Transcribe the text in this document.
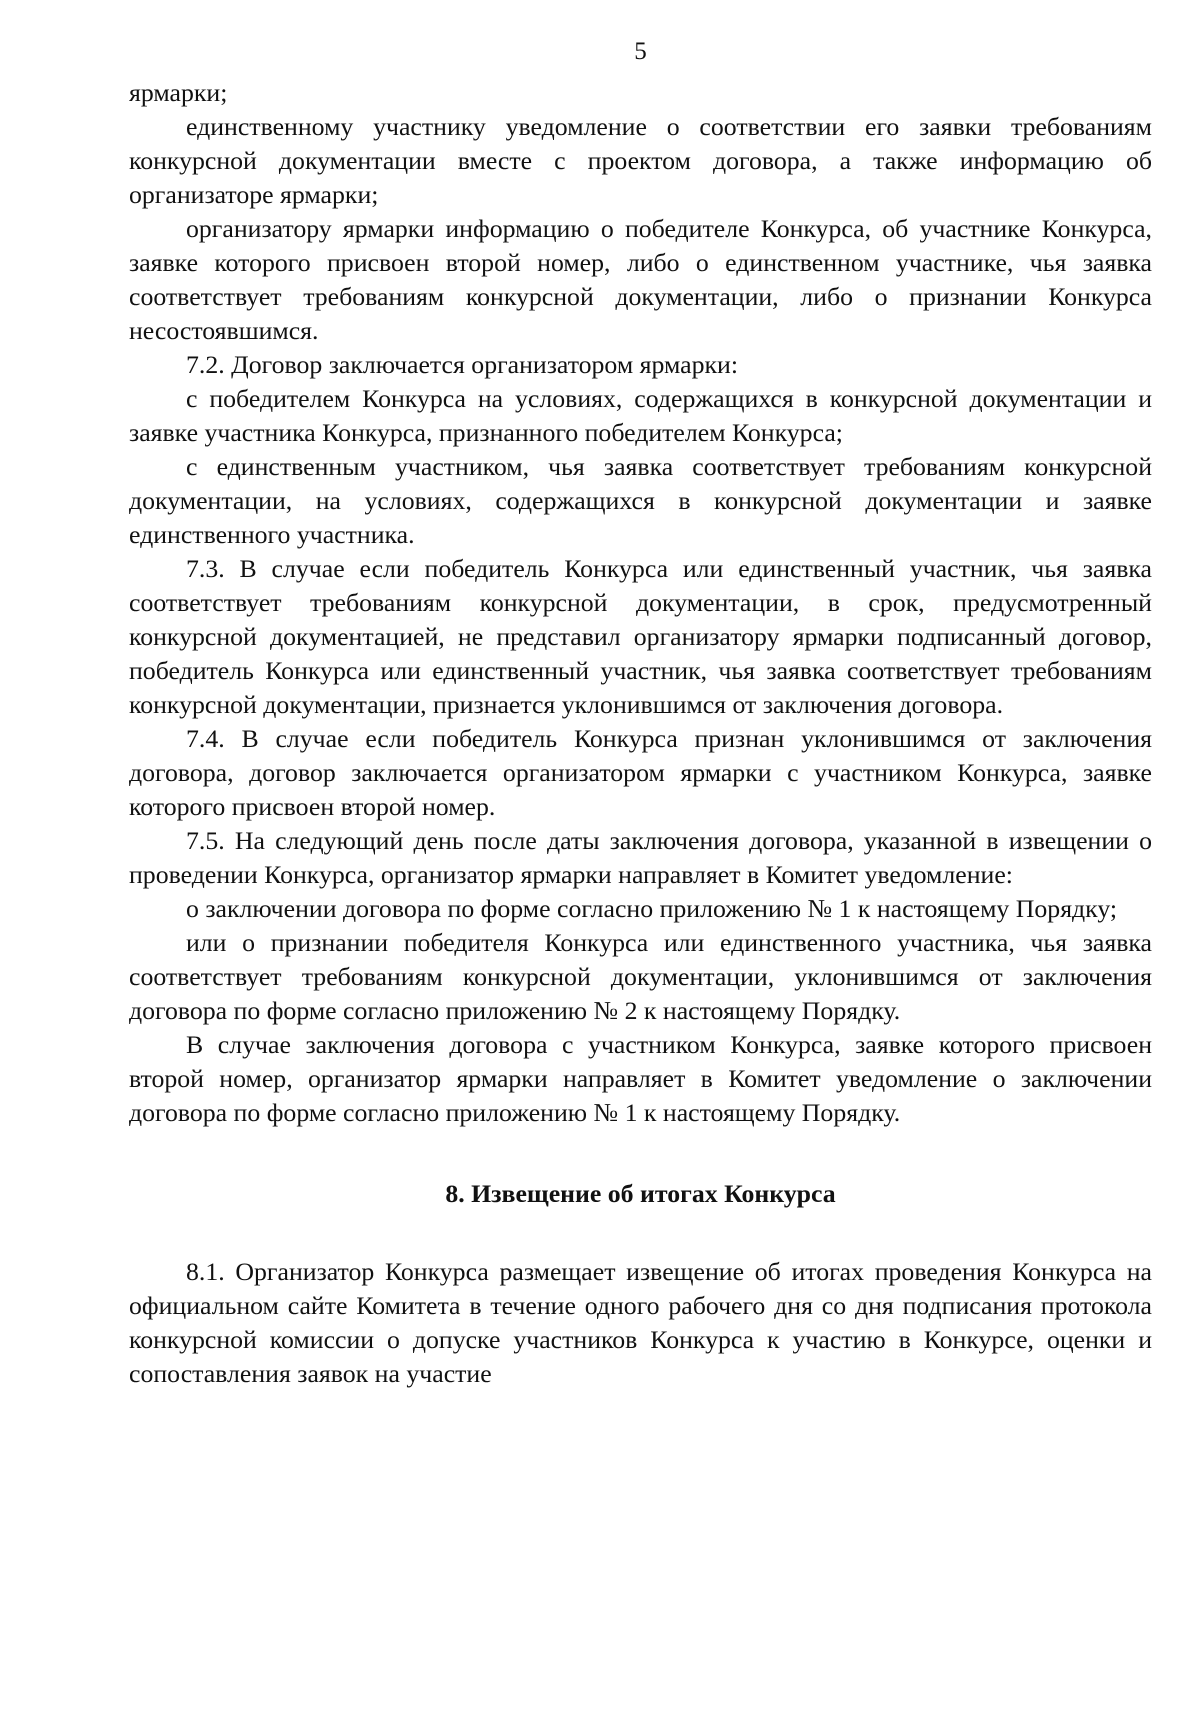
5

ярмарки;

единственному участнику уведомление о соответствии его заявки требованиям конкурсной документации вместе с проектом договора, а также информацию об организаторе ярмарки;

организатору ярмарки информацию о победителе Конкурса, об участнике Конкурса, заявке которого присвоен второй номер, либо о единственном участнике, чья заявка соответствует требованиям конкурсной документации, либо о признании Конкурса несостоявшимся.

7.2. Договор заключается организатором ярмарки:

с победителем Конкурса на условиях, содержащихся в конкурсной документации и заявке участника Конкурса, признанного победителем Конкурса;

с единственным участником, чья заявка соответствует требованиям конкурсной документации, на условиях, содержащихся в конкурсной документации и заявке единственного участника.

7.3. В случае если победитель Конкурса или единственный участник, чья заявка соответствует требованиям конкурсной документации, в срок, предусмотренный конкурсной документацией, не представил организатору ярмарки подписанный договор, победитель Конкурса или единственный участник, чья заявка соответствует требованиям конкурсной документации, признается уклонившимся от заключения договора.

7.4. В случае если победитель Конкурса признан уклонившимся от заключения договора, договор заключается организатором ярмарки с участником Конкурса, заявке которого присвоен второй номер.

7.5. На следующий день после даты заключения договора, указанной в извещении о проведении Конкурса, организатор ярмарки направляет в Комитет уведомление:

о заключении договора по форме согласно приложению № 1 к настоящему Порядку;

или о признании победителя Конкурса или единственного участника, чья заявка соответствует требованиям конкурсной документации, уклонившимся от заключения договора по форме согласно приложению № 2 к настоящему Порядку.

В случае заключения договора с участником Конкурса, заявке которого присвоен второй номер, организатор ярмарки направляет в Комитет уведомление о заключении договора по форме согласно приложению № 1 к настоящему Порядку.

8. Извещение об итогах Конкурса

8.1. Организатор Конкурса размещает извещение об итогах проведения Конкурса на официальном сайте Комитета в течение одного рабочего дня со дня подписания протокола конкурсной комиссии о допуске участников Конкурса к участию в Конкурсе, оценки и сопоставления заявок на участие
